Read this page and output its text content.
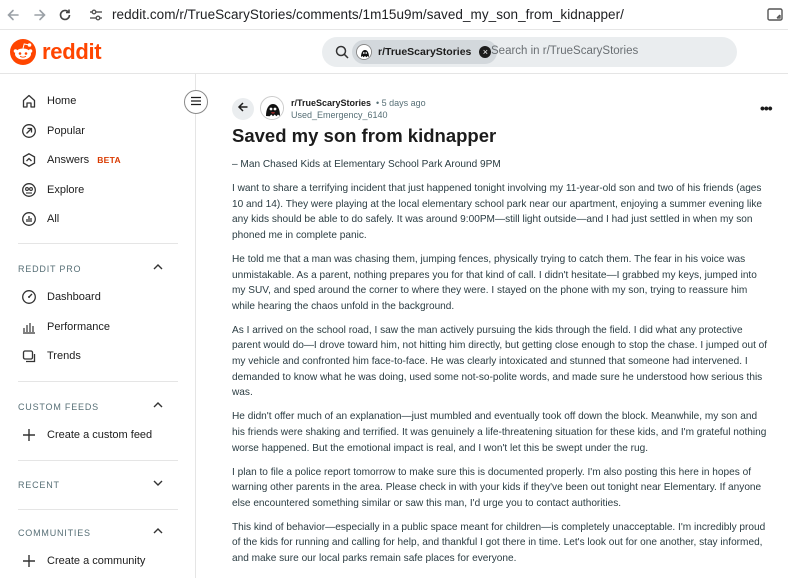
reddit.com/r/TrueScaryStories/comments/1m15u9m/saved_my_son_from_kidnapper/
reddit	r/TrueScaryStories	× Search in r/TrueScaryStories
Home
Popular
Answers BETA
Explore
All
REDDIT PRO
Dashboard
Performance
Trends
CUSTOM FEEDS
Create a custom feed
RECENT
COMMUNITIES
Create a community
r/TrueScaryStories • 5 days ago
Used_Emergency_6140	•••
Saved my son from kidnapper

– Man Chased Kids at Elementary School Park Around 9PM

I want to share a terrifying incident that just happened tonight involving my 11-year-old son and two of his friends (ages 10 and 14). They were playing at the local elementary school park near our apartment, enjoying a summer evening like any kids should be able to do safely. It was around 9:00PM—still light outside—and I had just settled in when my son phoned me in complete panic.

He told me that a man was chasing them, jumping fences, physically trying to catch them. The fear in his voice was unmistakable. As a parent, nothing prepares you for that kind of call. I didn't hesitate—I grabbed my keys, jumped into my SUV, and sped around the corner to where they were. I stayed on the phone with my son, trying to reassure him while hearing the chaos unfold in the background.

As I arrived on the school road, I saw the man actively pursuing the kids through the field. I did what any protective parent would do—I drove toward him, not hitting him directly, but getting close enough to stop the chase. I jumped out of my vehicle and confronted him face-to-face. He was clearly intoxicated and stunned that someone had intervened. I demanded to know what he was doing, used some not-so-polite words, and made sure he understood how serious this was.

He didn't offer much of an explanation—just mumbled and eventually took off down the block. Meanwhile, my son and his friends were shaking and terrified. It was genuinely a life-threatening situation for these kids, and I'm grateful nothing worse happened. But the emotional impact is real, and I won't let this be swept under the rug.

I plan to file a police report tomorrow to make sure this is documented properly. I'm also posting this here in hopes of warning other parents in the area. Please check in with your kids if they've been out tonight near Elementary. If anyone else encountered something similar or saw this man, I'd urge you to contact authorities.

This kind of behavior—especially in a public space meant for children—is completely unacceptable. I'm incredibly proud of the kids for running and calling for help, and thankful I got there in time. Let's look out for one another, stay informed, and make sure our local parks remain safe places for everyone.
